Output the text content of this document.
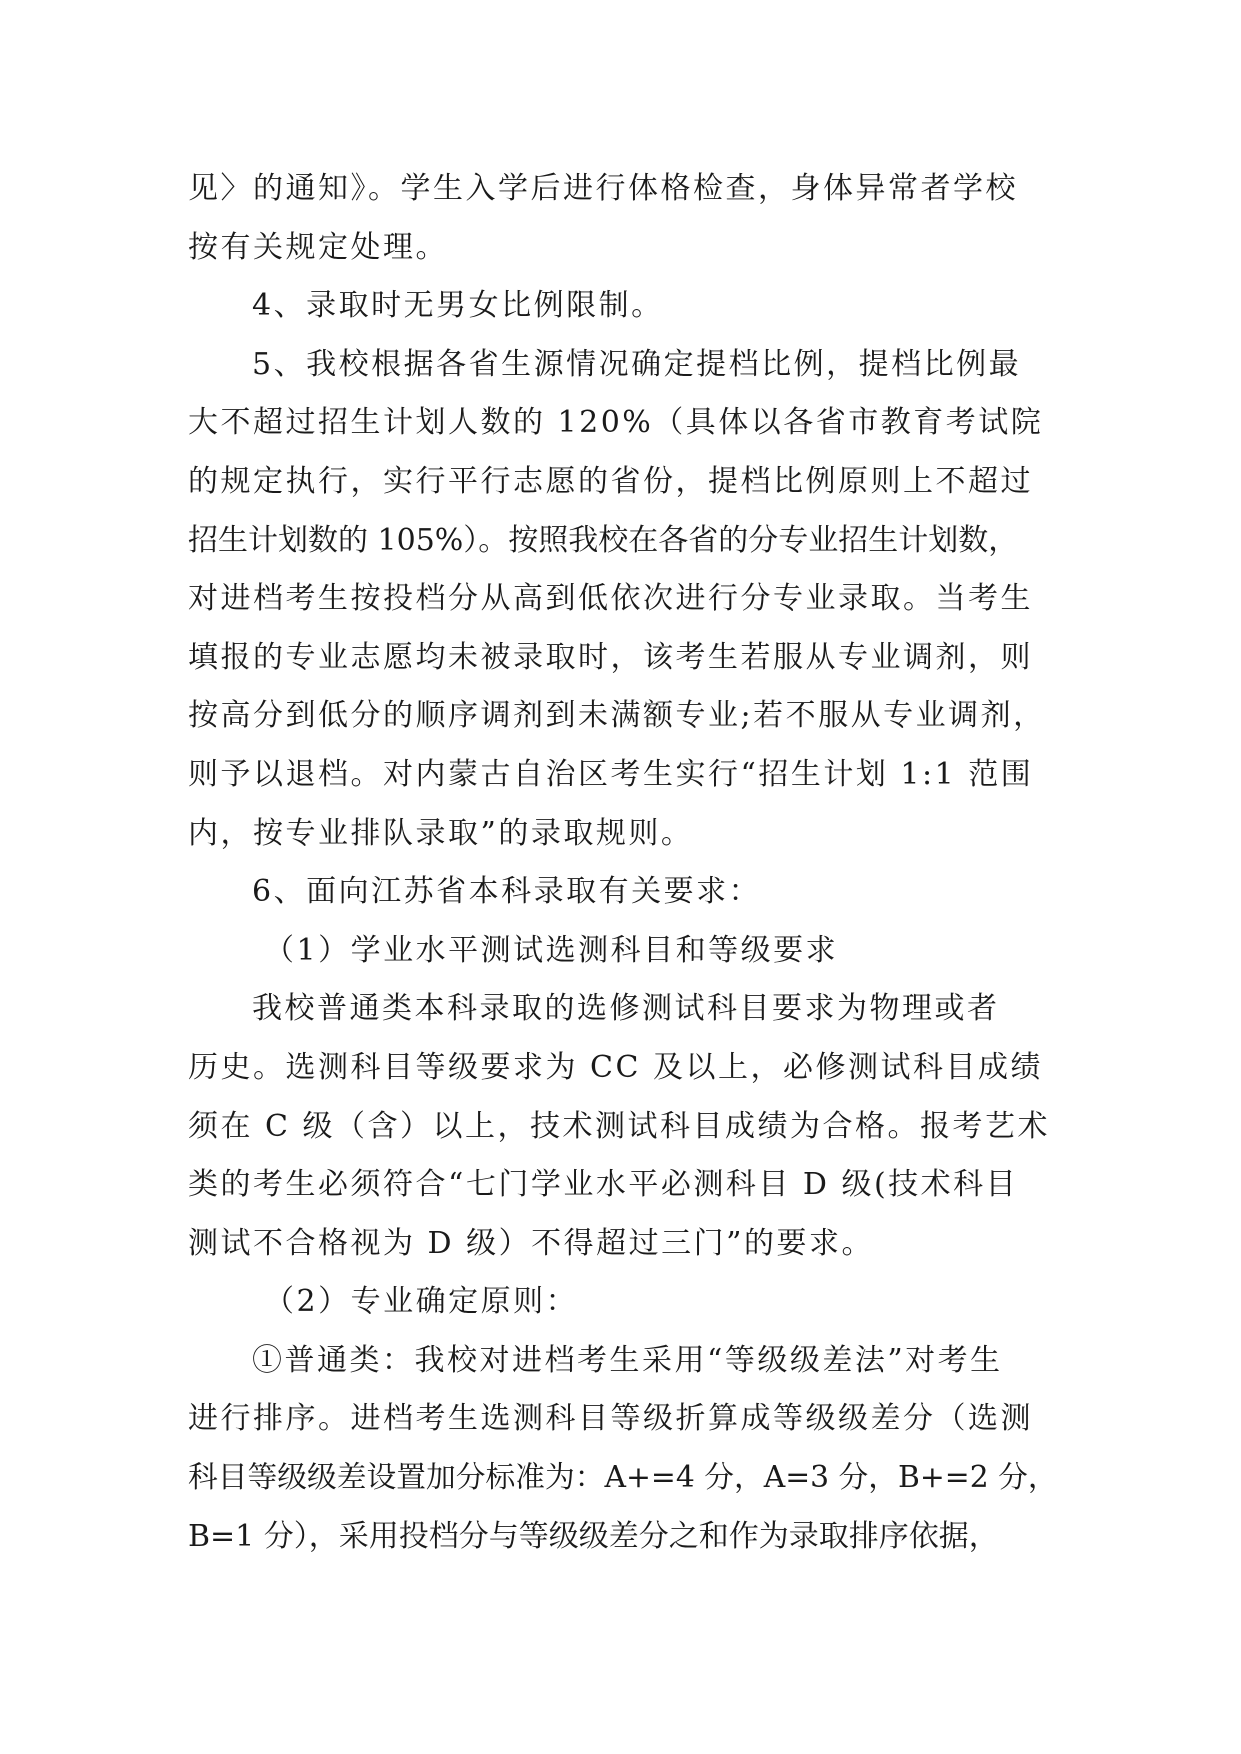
见〉的通知》。学生入学后进行体格检查，身体异常者学校
按有关规定处理。
4、录取时无男女比例限制。
5、我校根据各省生源情况确定提档比例，提档比例最
大不超过招生计划人数的 120%（具体以各省市教育考试院
的规定执行，实行平行志愿的省份，提档比例原则上不超过
招生计划数的 105%）。按照我校在各省的分专业招生计划数，
对进档考生按投档分从高到低依次进行分专业录取。当考生
填报的专业志愿均未被录取时，该考生若服从专业调剂，则
按高分到低分的顺序调剂到未满额专业;若不服从专业调剂，
则予以退档。对内蒙古自治区考生实行“招生计划 1:1 范围
内，按专业排队录取”的录取规则。
6、面向江苏省本科录取有关要求：
（1）学业水平测试选测科目和等级要求
我校普通类本科录取的选修测试科目要求为物理或者
历史。选测科目等级要求为 CC 及以上，必修测试科目成绩
须在 C 级（含）以上，技术测试科目成绩为合格。报考艺术
类的考生必须符合“七门学业水平必测科目 D 级(技术科目
测试不合格视为 D 级）不得超过三门”的要求。
（2）专业确定原则：
①普通类：我校对进档考生采用“等级级差法”对考生
进行排序。进档考生选测科目等级折算成等级级差分（选测
科目等级级差设置加分标准为：A+=4 分，A=3 分，B+=2 分，
B=1 分），采用投档分与等级级差分之和作为录取排序依据，
